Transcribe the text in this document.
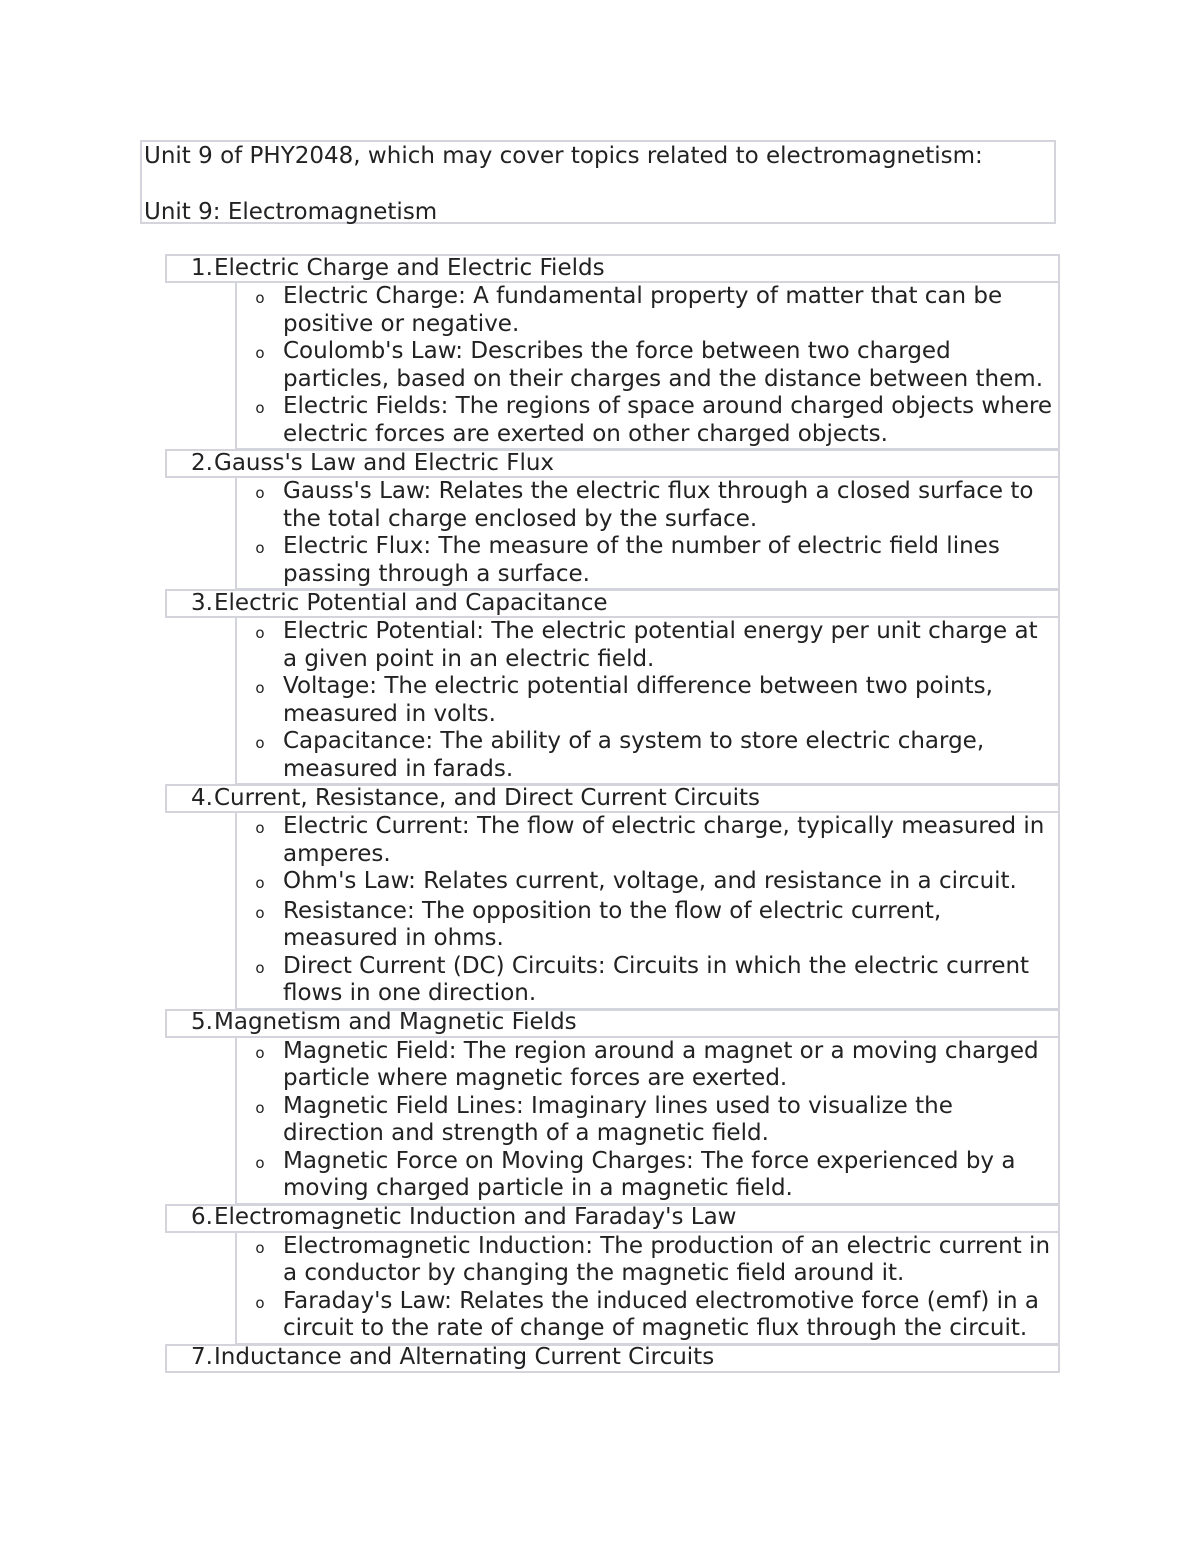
Unit 9 of PHY2048, which may cover topics related to electromagnetism:

Unit 9: Electromagnetism

1. Electric Charge and Electric Fields
o Electric Charge: A fundamental property of matter that can be positive or negative.
o Coulomb's Law: Describes the force between two charged particles, based on their charges and the distance between them.
o Electric Fields: The regions of space around charged objects where electric forces are exerted on other charged objects.
2. Gauss's Law and Electric Flux
o Gauss's Law: Relates the electric flux through a closed surface to the total charge enclosed by the surface.
o Electric Flux: The measure of the number of electric field lines passing through a surface.
3. Electric Potential and Capacitance
o Electric Potential: The electric potential energy per unit charge at a given point in an electric field.
o Voltage: The electric potential difference between two points, measured in volts.
o Capacitance: The ability of a system to store electric charge, measured in farads.
4. Current, Resistance, and Direct Current Circuits
o Electric Current: The flow of electric charge, typically measured in amperes.
o Ohm's Law: Relates current, voltage, and resistance in a circuit.
o Resistance: The opposition to the flow of electric current, measured in ohms.
o Direct Current (DC) Circuits: Circuits in which the electric current flows in one direction.
5. Magnetism and Magnetic Fields
o Magnetic Field: The region around a magnet or a moving charged particle where magnetic forces are exerted.
o Magnetic Field Lines: Imaginary lines used to visualize the direction and strength of a magnetic field.
o Magnetic Force on Moving Charges: The force experienced by a moving charged particle in a magnetic field.
6. Electromagnetic Induction and Faraday's Law
o Electromagnetic Induction: The production of an electric current in a conductor by changing the magnetic field around it.
o Faraday's Law: Relates the induced electromotive force (emf) in a circuit to the rate of change of magnetic flux through the circuit.
7. Inductance and Alternating Current Circuits
